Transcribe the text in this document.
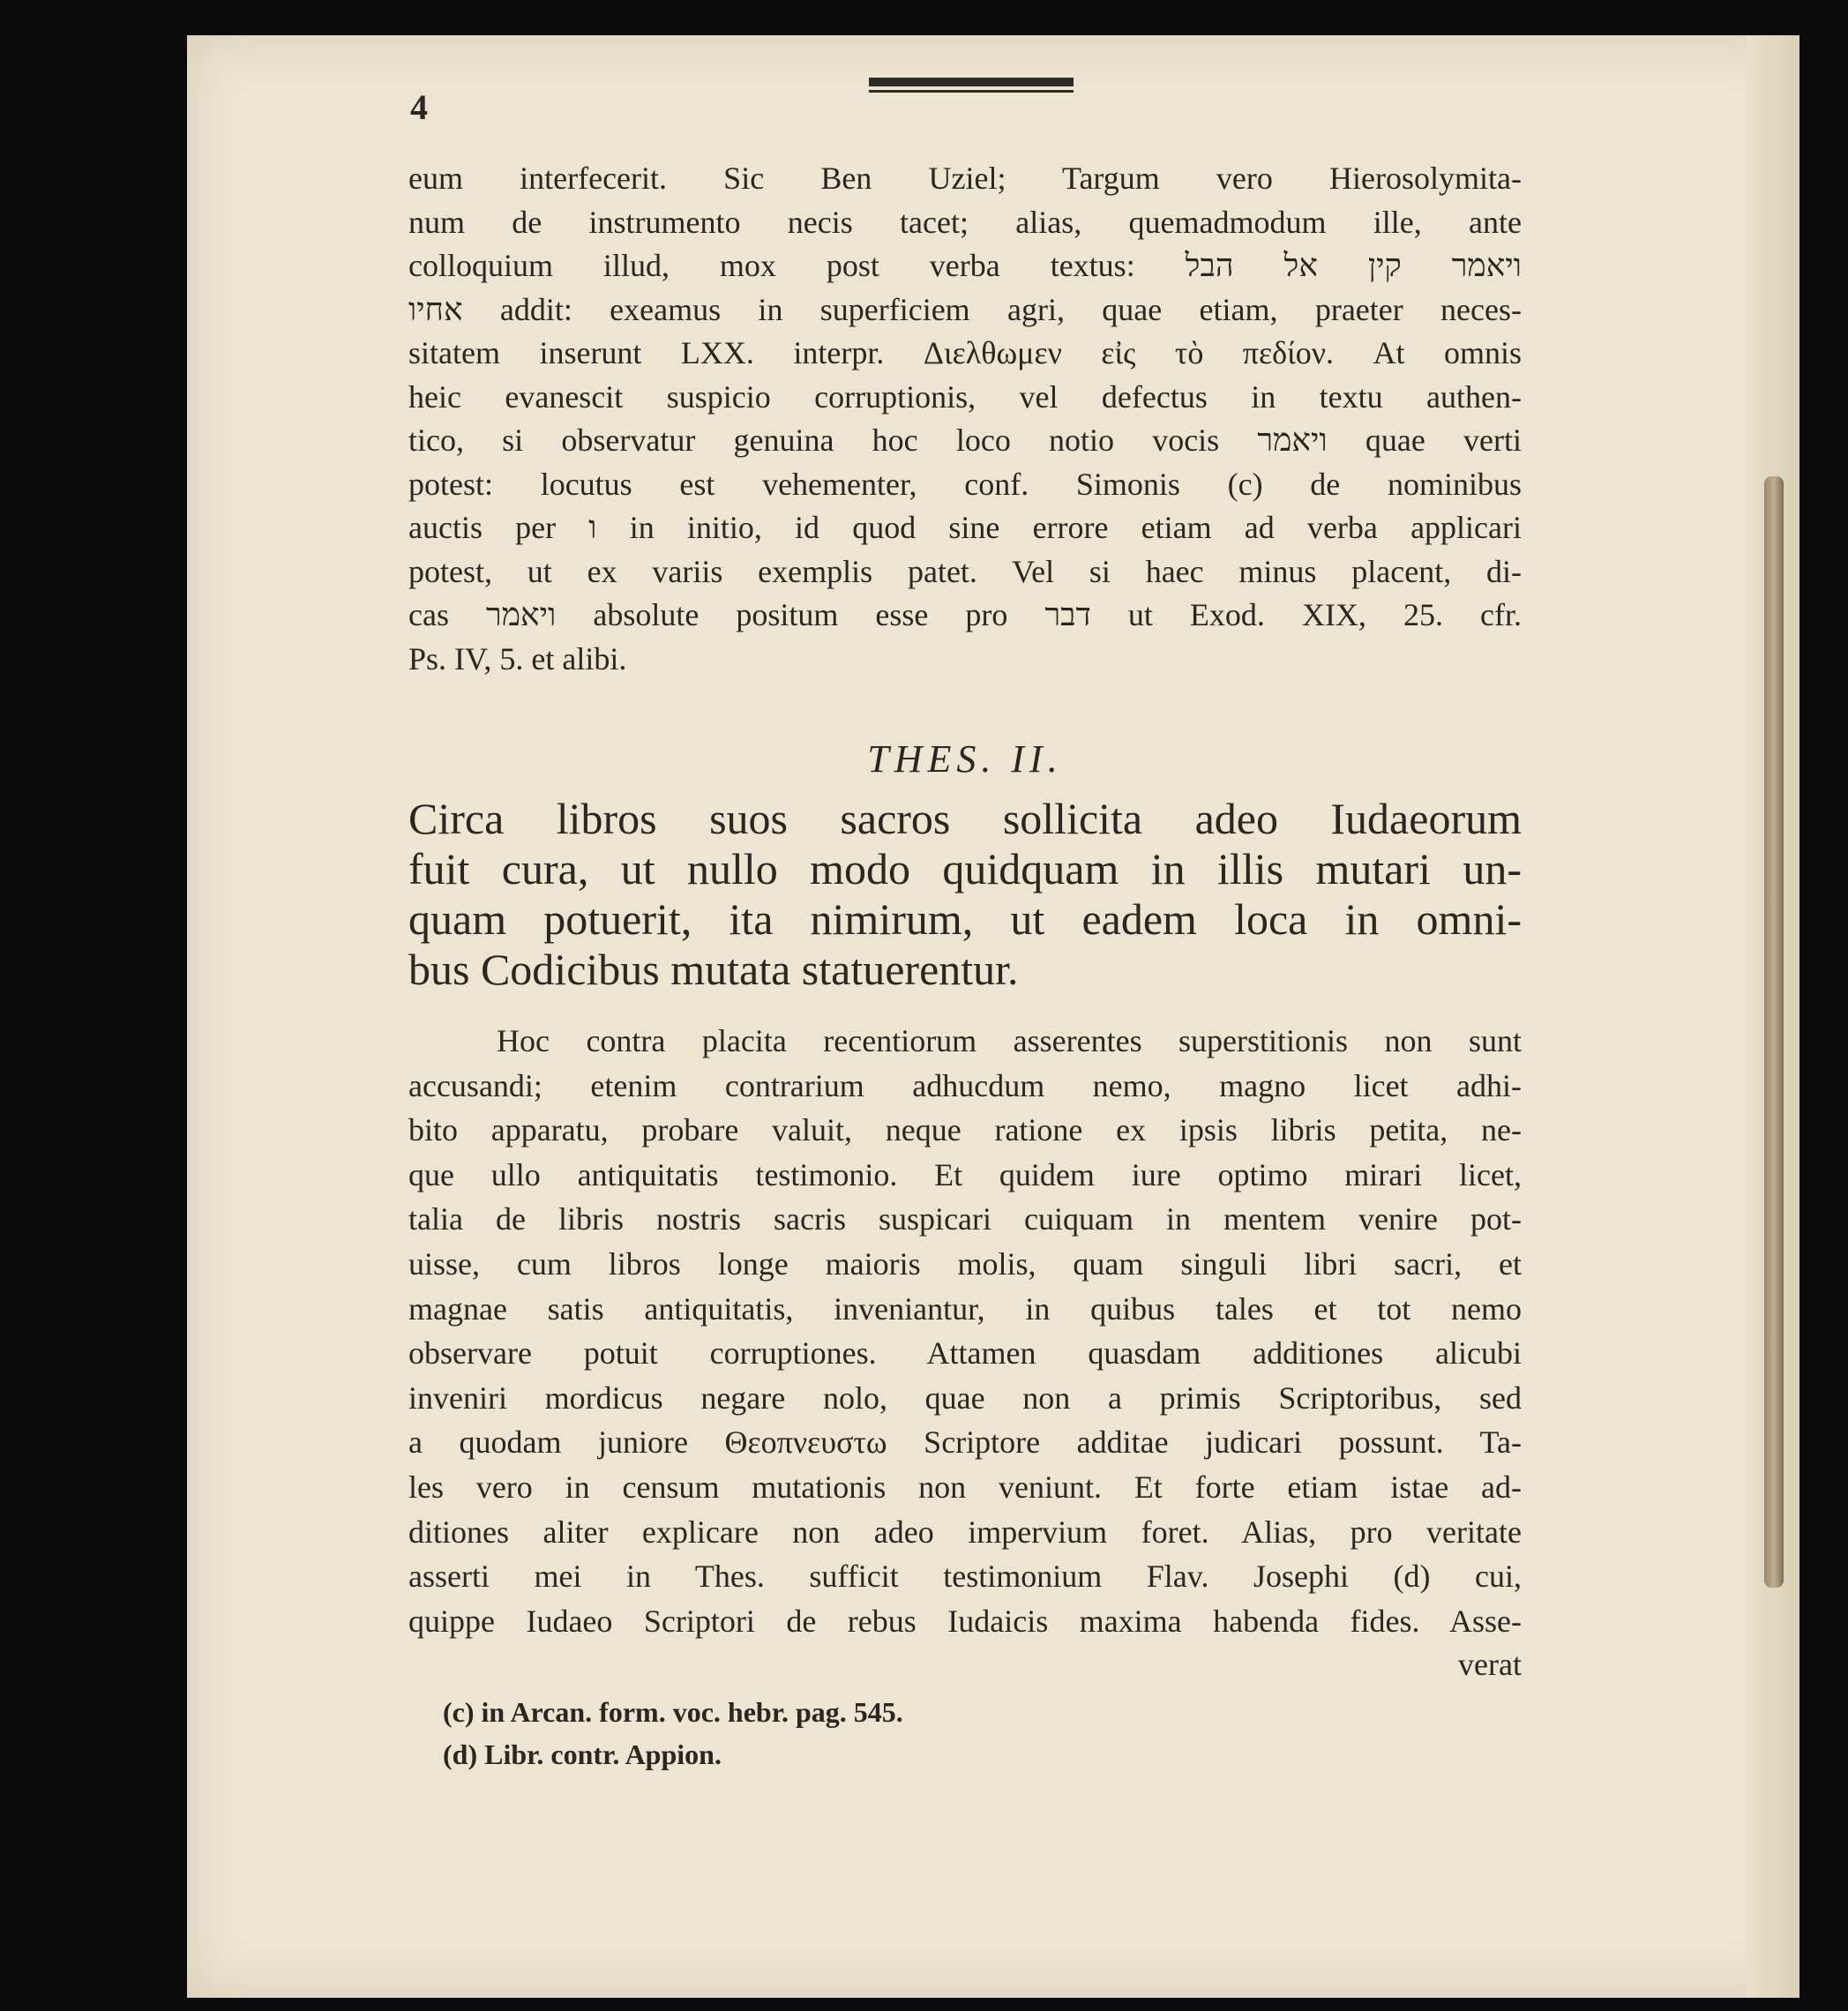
4
eum interfecerit. Sic Ben Uziel; Targum vero Hierosolymita-
num de instrumento necis tacet; alias, quemadmodum ille, ante
colloquium illud, mox post verba textus: ויאמר קין אל הבל
אחיו addit: exeamus in superficiem agri, quae etiam, praeter neces-
sitatem inserunt LXX. interpr. Διελθωμεν εἰς τὸ πεδίον. At omnis
heic evanescit suspicio corruptionis, vel defectus in textu authen-
tico, si observatur genuina hoc loco notio vocis ויאמר quae verti
potest: locutus est vehementer, conf. Simonis (c) de nominibus
auctis per ו in initio, id quod sine errore etiam ad verba applicari
potest, ut ex variis exemplis patet. Vel si haec minus placent, di-
cas ויאמר absolute positum esse pro דבר ut Exod. XIX, 25. cfr.
Ps. IV, 5. et alibi.
THES. II.
Circa libros suos sacros sollicita adeo Iudaeorum
fuit cura, ut nullo modo quidquam in illis mutari un-
quam potuerit, ita nimirum, ut eadem loca in omni-
bus Codicibus mutata statuerentur.
Hoc contra placita recentiorum asserentes superstitionis non sunt
accusandi; etenim contrarium adhucdum nemo, magno licet adhi-
bito apparatu, probare valuit, neque ratione ex ipsis libris petita, ne-
que ullo antiquitatis testimonio. Et quidem iure optimo mirari licet,
talia de libris nostris sacris suspicari cuiquam in mentem venire pot-
uisse, cum libros longe maioris molis, quam singuli libri sacri, et
magnae satis antiquitatis, inveniantur, in quibus tales et tot nemo
observare potuit corruptiones. Attamen quasdam additiones alicubi
inveniri mordicus negare nolo, quae non a primis Scriptoribus, sed
a quodam juniore Θεοπνευστω Scriptore additae judicari possunt. Ta-
les vero in censum mutationis non veniunt. Et forte etiam istae ad-
ditiones aliter explicare non adeo impervium foret. Alias, pro veritate
asserti mei in Thes. sufficit testimonium Flav. Josephi (d) cui,
quippe Iudaeo Scriptori de rebus Iudaicis maxima habenda fides. Asse-
verat
(c) in Arcan. form. voc. hebr. pag. 545.
(d) Libr. contr. Appion.
